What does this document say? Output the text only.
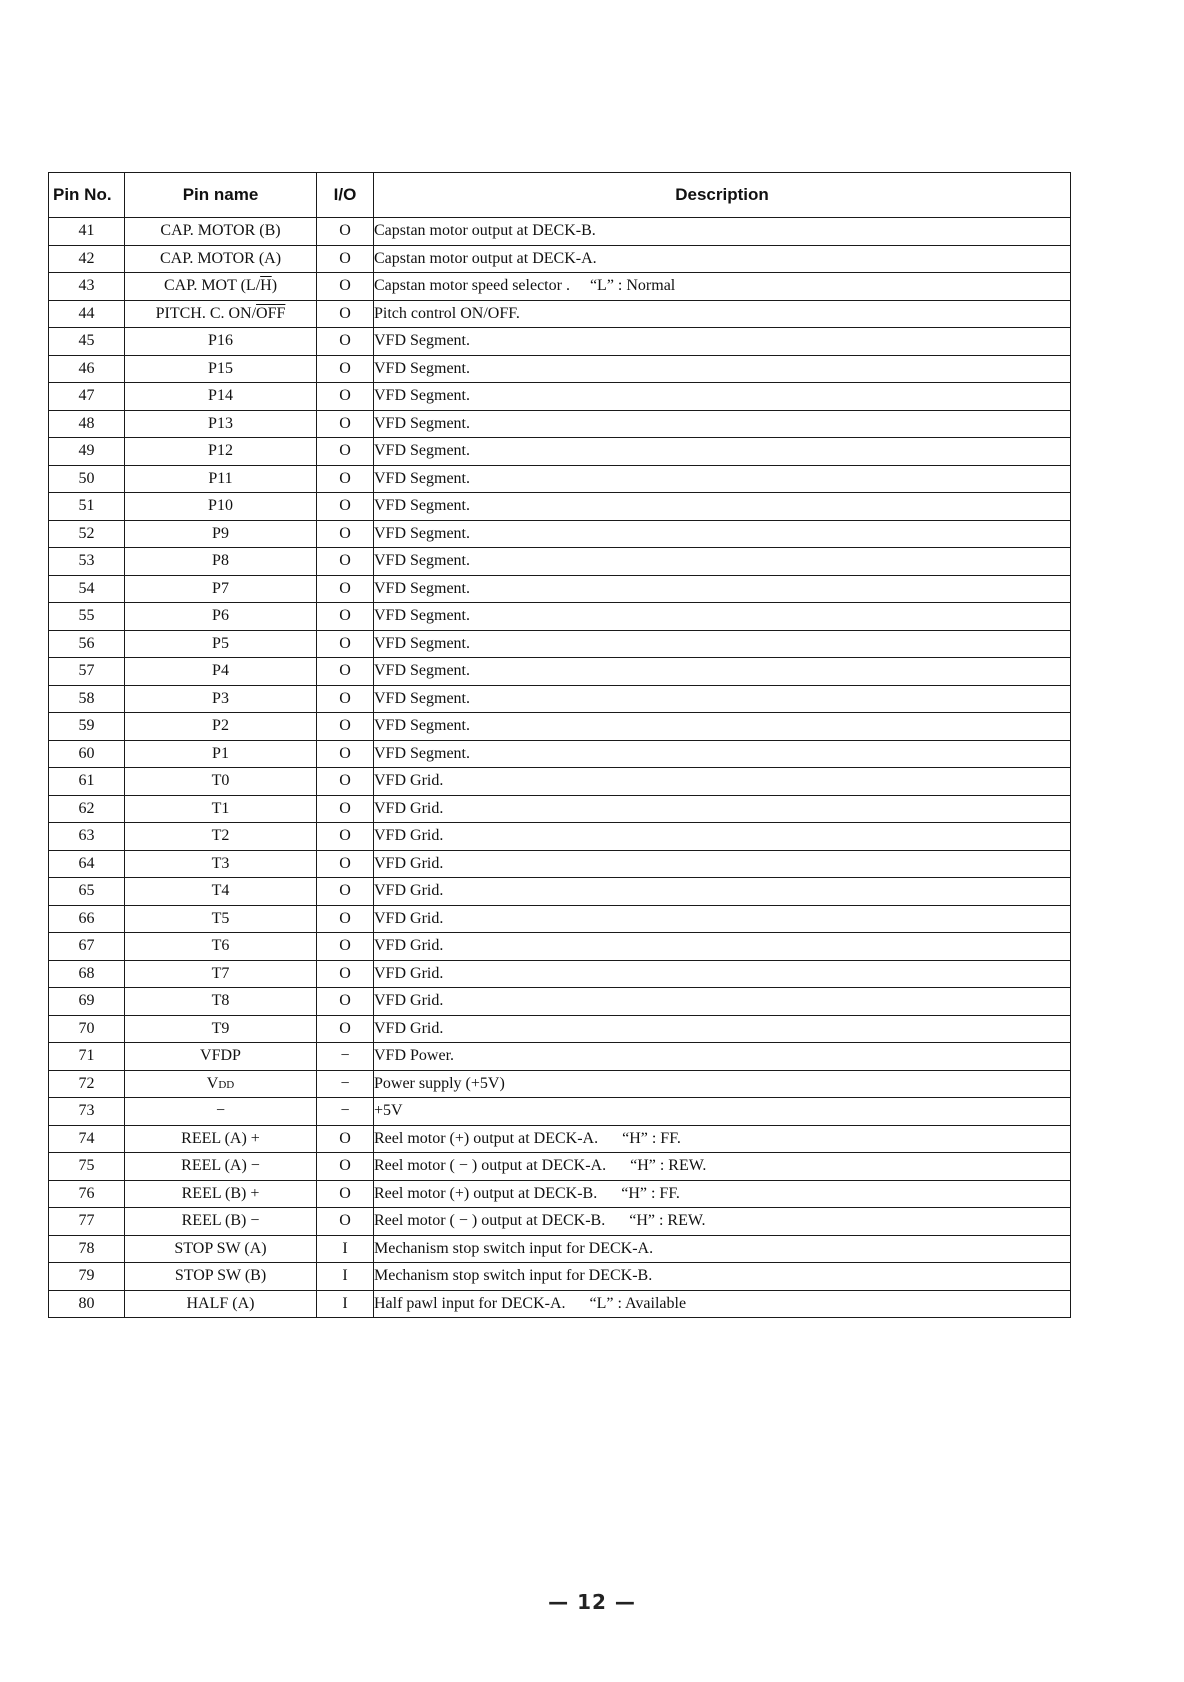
Pin No.	Pin name	I/O	Description
41	CAP. MOTOR (B)	O	Capstan motor output at DECK-B.
42	CAP. MOTOR (A)	O	Capstan motor output at DECK-A.
43	CAP. MOT $(L/\overline{H})$	O	Capstan motor speed selector .     “L” : Normal
44	PITCH. C. $ON/\overline{OFF}$	O	Pitch control ON/OFF.
45	P16	O	VFD Segment.
46	P15	O	VFD Segment.
47	P14	O	VFD Segment.
48	P13	O	VFD Segment.
49	P12	O	VFD Segment.
50	P11	O	VFD Segment.
51	P10	O	VFD Segment.
52	P9	O	VFD Segment.
53	P8	O	VFD Segment.
54	P7	O	VFD Segment.
55	P6	O	VFD Segment.
56	P5	O	VFD Segment.
57	P4	O	VFD Segment.
58	P3	O	VFD Segment.
59	P2	O	VFD Segment.
60	P1	O	VFD Segment.
61	T0	O	VFD Grid.
62	T1	O	VFD Grid.
63	T2	O	VFD Grid.
64	T3	O	VFD Grid.
65	T4	O	VFD Grid.
66	T5	O	VFD Grid.
67	T6	O	VFD Grid.
68	T7	O	VFD Grid.
69	T8	O	VFD Grid.
70	T9	O	VFD Grid.
71	VFDP	−	VFD Power.
72	VDD	−	Power supply (+5V)
73	−	−	+5V
74	REEL (A) +	O	Reel motor (+) output at DECK-A.      “H” : FF.
75	REEL (A) −	O	Reel motor ( − ) output at DECK-A.      “H” : REW.
76	REEL (B) +	O	Reel motor (+) output at DECK-B.      “H” : FF.
77	REEL (B) −	O	Reel motor ( − ) output at DECK-B.      “H” : REW.
78	STOP SW (A)	I	Mechanism stop switch input for DECK-A.
79	STOP SW (B)	I	Mechanism stop switch input for DECK-B.
80	HALF (A)	I	Half pawl input for DECK-A.      “L” : Available
— 12 —
